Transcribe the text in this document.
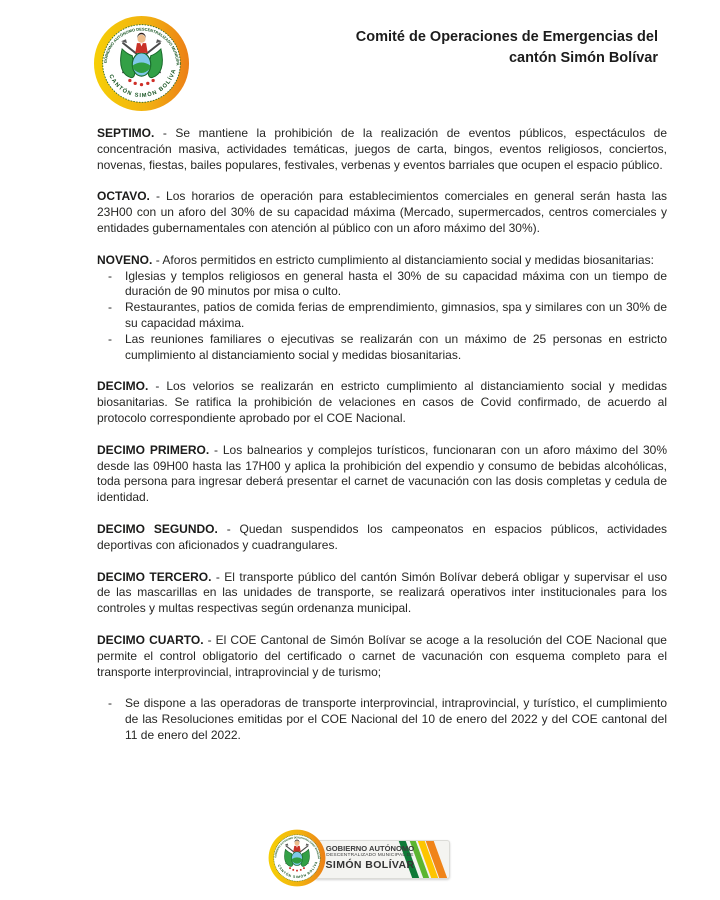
Comité de Operaciones de Emergencias del
cantón Simón Bolívar

SEPTIMO. - Se mantiene la prohibición de la realización de eventos públicos, espectáculos de concentración masiva, actividades temáticas, juegos de carta, bingos, eventos religiosos, conciertos, novenas, fiestas, bailes populares, festivales, verbenas y eventos barriales que ocupen el espacio público.

OCTAVO. - Los horarios de operación para establecimientos comerciales en general serán hasta las 23H00 con un aforo del 30% de su capacidad máxima (Mercado, supermercados, centros comerciales y entidades gubernamentales con atención al público con un aforo máximo del 30%).

NOVENO. - Aforos permitidos en estricto cumplimiento al distanciamiento social y medidas biosanitarias:

- Iglesias y templos religiosos en general hasta el 30% de su capacidad máxima con un tiempo de duración de 90 minutos por misa o culto.
- Restaurantes, patios de comida ferias de emprendimiento, gimnasios, spa y similares con un 30% de su capacidad máxima.
- Las reuniones familiares o ejecutivas se realizarán con un máximo de 25 personas en estricto cumplimiento al distanciamiento social y medidas biosanitarias.

DECIMO. - Los velorios se realizarán en estricto cumplimiento al distanciamiento social y medidas biosanitarias. Se ratifica la prohibición de velaciones en casos de Covid confirmado, de acuerdo al protocolo correspondiente aprobado por el COE Nacional.

DECIMO PRIMERO. - Los balnearios y complejos turísticos, funcionaran con un aforo máximo del 30% desde las 09H00 hasta las 17H00 y aplica la prohibición del expendio y consumo de bebidas alcohólicas, toda persona para ingresar deberá presentar el carnet de vacunación con las dosis completas y cedula de identidad.

DECIMO SEGUNDO. - Quedan suspendidos los campeonatos en espacios públicos, actividades deportivas con aficionados y cuadrangulares.

DECIMO TERCERO. - El transporte público del cantón Simón Bolívar deberá obligar y supervisar el uso de las mascarillas en las unidades de transporte, se realizará operativos inter institucionales para los controles y multas respectivas según ordenanza municipal.

DECIMO CUARTO. - El COE Cantonal de Simón Bolívar se acoge a la resolución del COE Nacional que permite el control obligatorio del certificado o carnet de vacunación con esquema completo para el transporte interprovincial, intraprovincial y de turismo;

- Se dispone a las operadoras de transporte interprovincial, intraprovincial, y turístico, el cumplimiento de las Resoluciones emitidas por el COE Nacional del 10 de enero del 2022 y del COE cantonal del 11 de enero del 2022.
GOBIERNO AUTÓNOMO
DESCENTRALIZADO MUNICIPAL DE
SIMÓN BOLÍVAR
